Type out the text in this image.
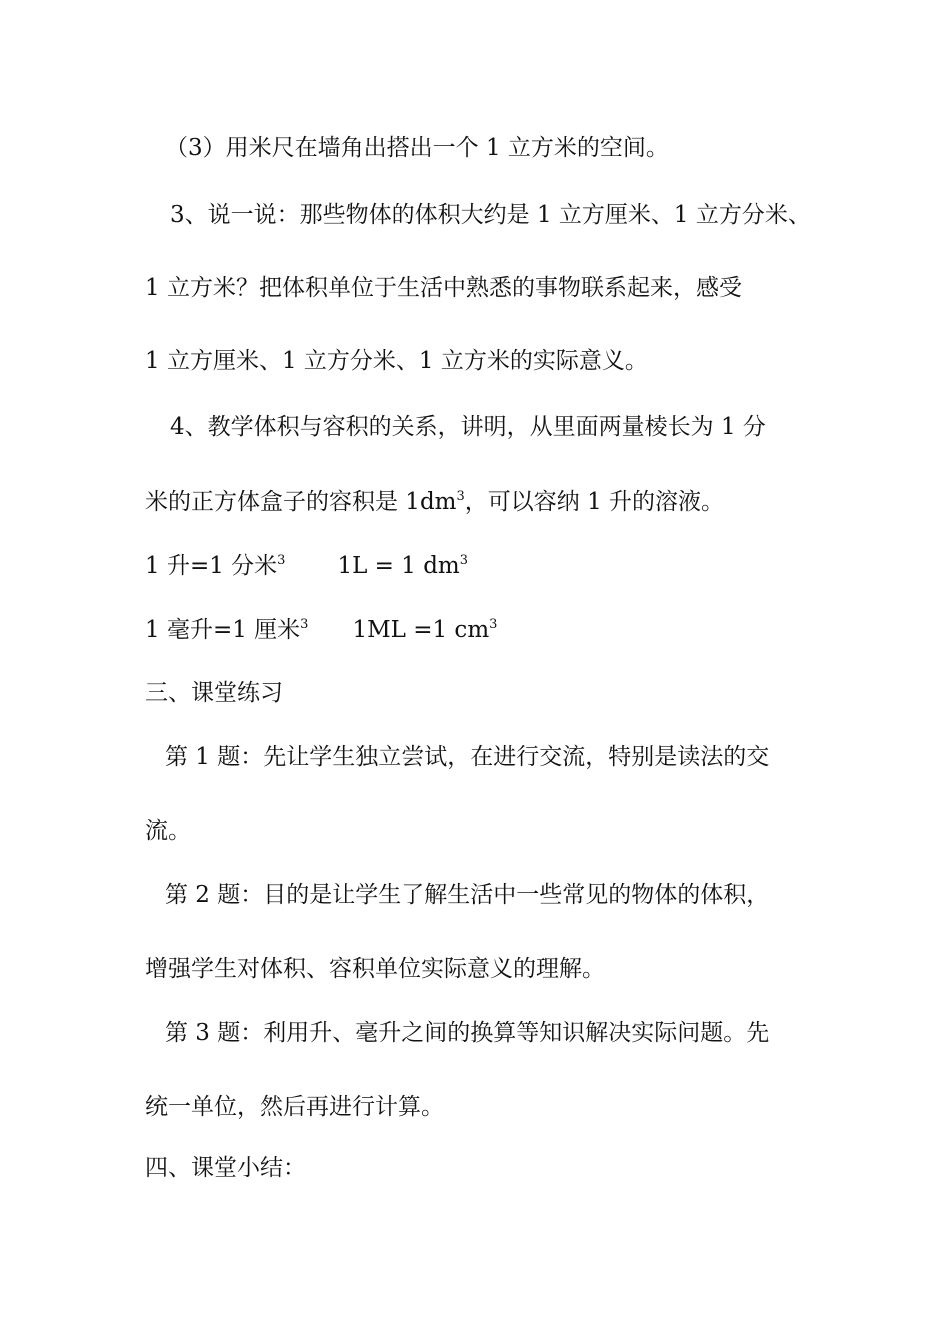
（3）用米尺在墙角出搭出一个 1 立方米的空间。

3、说一说：那些物体的体积大约是 1 立方厘米、1 立方分米、

1 立方米？把体积单位于生活中熟悉的事物联系起来，感受

1 立方厘米、1 立方分米、1 立方米的实际意义。

4、教学体积与容积的关系，讲明，从里面两量棱长为 1 分

米的正方体盒子的容积是 $1dm^3$，可以容纳 1 升的溶液。

1 升=1 分米$^3$ 1L = 1 $dm^3$

1 毫升=1 厘米$^3$ 1ML =1 $cm^3$

三、课堂练习

第 1 题：先让学生独立尝试，在进行交流，特别是读法的交

流。

第 2 题：目的是让学生了解生活中一些常见的物体的体积，

增强学生对体积、容积单位实际意义的理解。

第 3 题：利用升、毫升之间的换算等知识解决实际问题。先

统一单位，然后再进行计算。

四、课堂小结：
